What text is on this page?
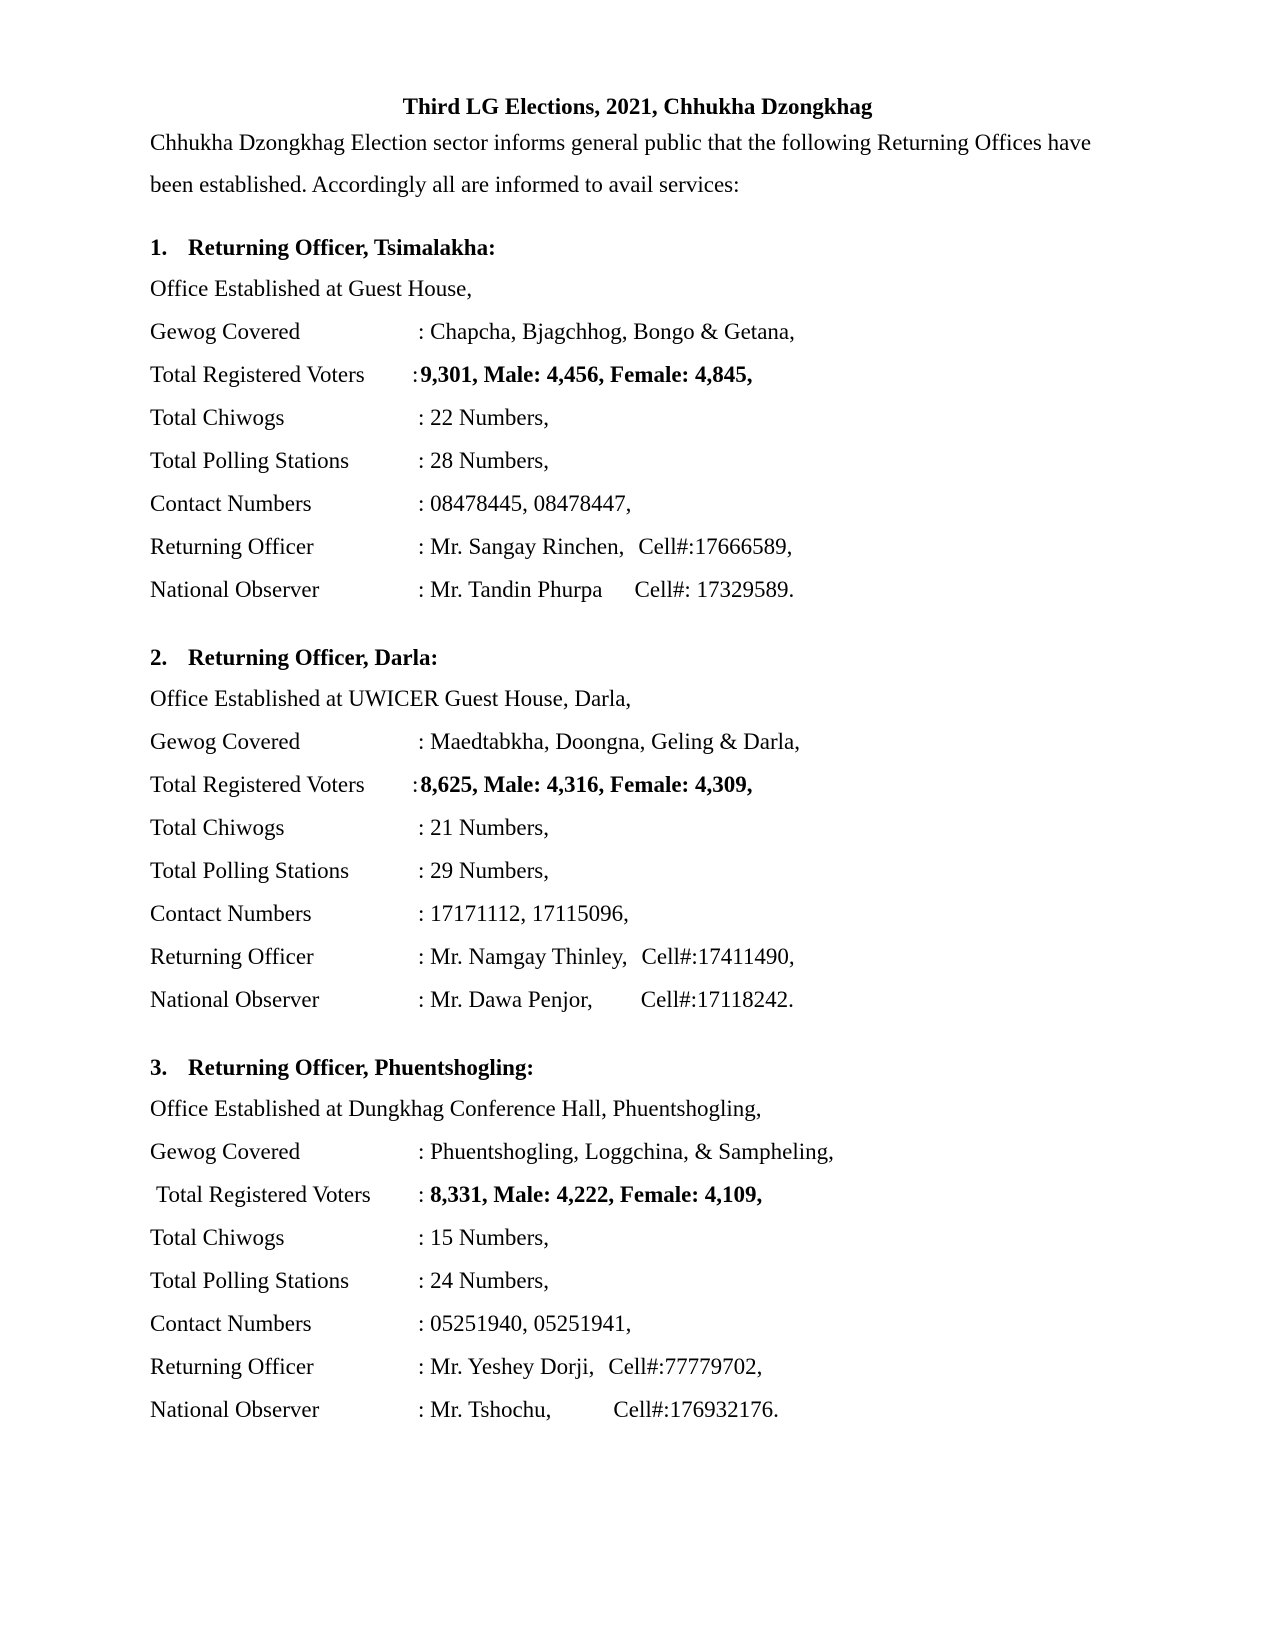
Third LG Elections, 2021, Chhukha Dzongkhag
Chhukha Dzongkhag Election sector informs general public that the following Returning Offices have been established. Accordingly all are informed to avail services:
1. Returning Officer, Tsimalakha:
Office Established at Guest House,
Gewog Covered	: Chapcha, Bjagchhog, Bongo & Getana,
Total Registered Voters	: 9,301, Male: 4,456, Female: 4,845,
Total Chiwogs	: 22 Numbers,
Total Polling Stations	: 28 Numbers,
Contact Numbers	: 08478445, 08478447,
Returning Officer	: Mr. Sangay Rinchen, Cell#:17666589,
National Observer	: Mr. Tandin Phurpa Cell#: 17329589.
2. Returning Officer, Darla:
Office Established at UWICER Guest House, Darla,
Gewog Covered	: Maedtabkha, Doongna, Geling & Darla,
Total Registered Voters	: 8,625, Male: 4,316, Female: 4,309,
Total Chiwogs	: 21 Numbers,
Total Polling Stations	: 29 Numbers,
Contact Numbers	: 17171112, 17115096,
Returning Officer	: Mr. Namgay Thinley, Cell#:17411490,
National Observer	: Mr. Dawa Penjor, Cell#:17118242.
3. Returning Officer, Phuentshogling:
Office Established at Dungkhag Conference Hall, Phuentshogling,
Gewog Covered	: Phuentshogling, Loggchina, & Sampheling,
Total Registered Voters	: 8,331, Male: 4,222, Female: 4,109,
Total Chiwogs	: 15 Numbers,
Total Polling Stations	: 24 Numbers,
Contact Numbers	: 05251940, 05251941,
Returning Officer	: Mr. Yeshey Dorji, Cell#:77779702,
National Observer	: Mr. Tshochu,	Cell#:176932176.
